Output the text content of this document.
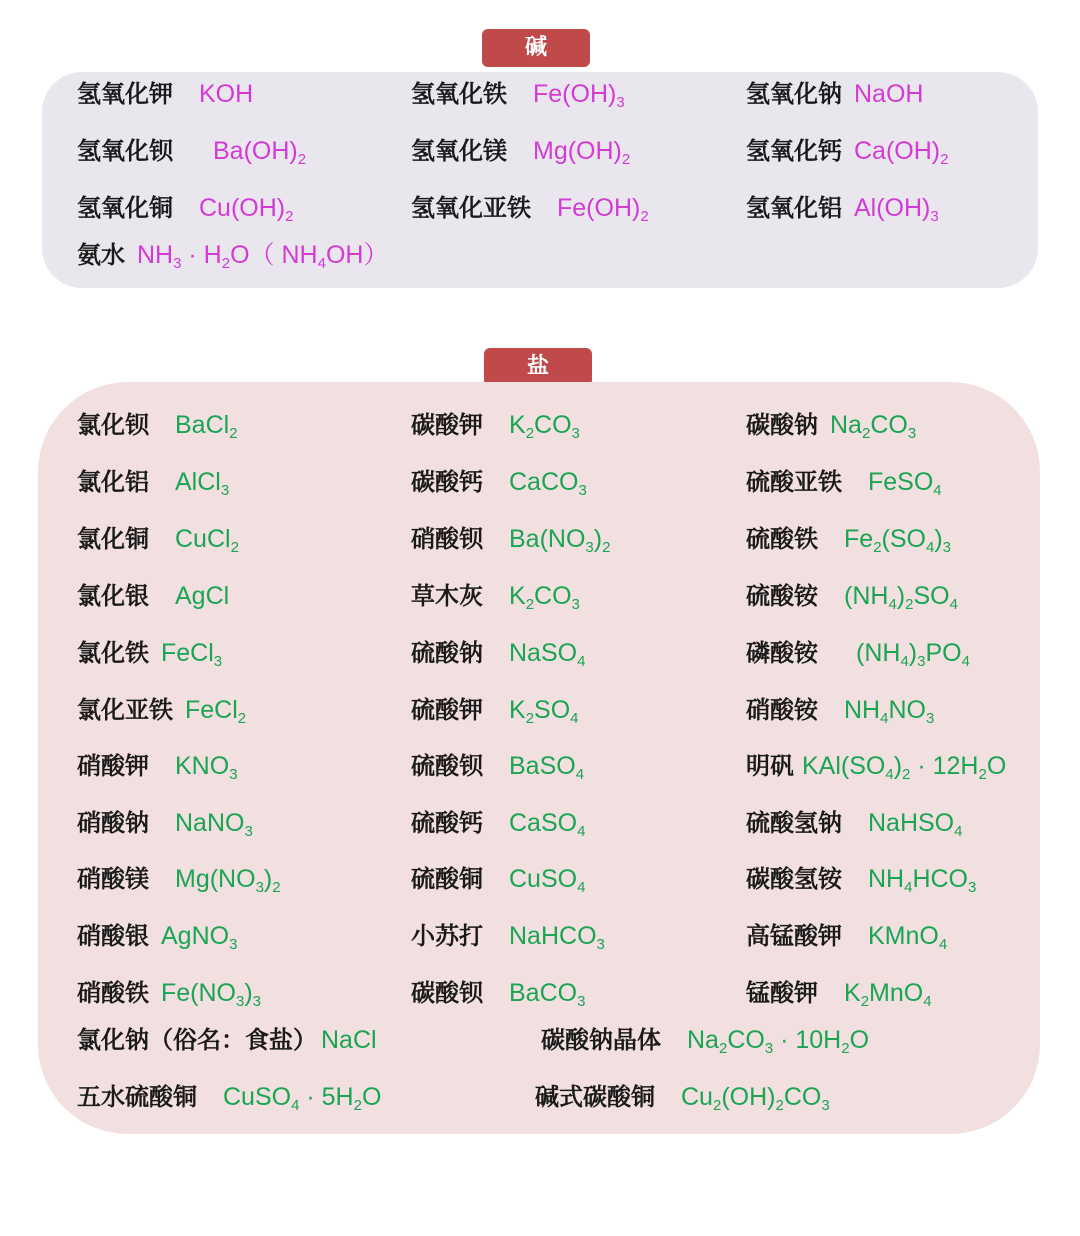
碱
盐
氢氧化钾 KOH	氢氧化铁 $Fe(OH)_3$	氢氧化钠 NaOH
氢氧化钡 $Ba(OH)_2$	氢氧化镁 $Mg(OH)_2$	氢氧化钙 $Ca(OH)_2$
氢氧化铜 $Cu(OH)_2$	氢氧化亚铁 $Fe(OH)_2$	氢氧化铝 $Al(OH)_3$
氨水 $NH_3 \cdot H_2O$（ $NH_4OH$）
氯化钡 BaCl$_2$	碳酸钾 $K_2CO_3$	碳酸钠 $Na_2CO_3$
氯化铝 AlCl$_3$	碳酸钙 CaCO$_3$	硫酸亚铁 FeSO$_4$
氯化铜 CuCl$_2$	硝酸钡 $Ba(NO_3)_2$	硫酸铁 $Fe_2(SO_4)_3$
氯化银 AgCl	草木灰 $K_2CO_3$	硫酸铵 $(NH_4)_2SO_4$
氯化铁 FeCl$_3$	硫酸钠 NaSO$_4$	磷酸铵 $(NH_4)_3PO_4$
氯化亚铁 FeCl$_2$	硫酸钾 $K_2SO_4$	硝酸铵 $NH_4NO_3$
硝酸钾 $KNO_3$	硫酸钡 BaSO$_4$	明矾 $KAl(SO_4)_2 \cdot 12H_2O$
硝酸钠 NaNO$_3$	硫酸钙 CaSO$_4$	硫酸氢钠 NaHSO$_4$
硝酸镁 $Mg(NO_3)_2$	硫酸铜 CuSO$_4$	碳酸氢铵 $NH_4HCO_3$
硝酸银 AgNO$_3$	小苏打 NaHCO$_3$	高锰酸钾 KMnO$_4$
硝酸铁 $Fe(NO_3)_3$	碳酸钡 BaCO$_3$	锰酸钾 $K_2MnO_4$
氯化钠（俗名：食盐） NaCl	碳酸钠晶体 $Na_2CO_3 \cdot 10H_2O$
五水硫酸铜 CuSO$_4$ · $5H_2O$	碱式碳酸铜 $Cu_2(OH)_2CO_3$
